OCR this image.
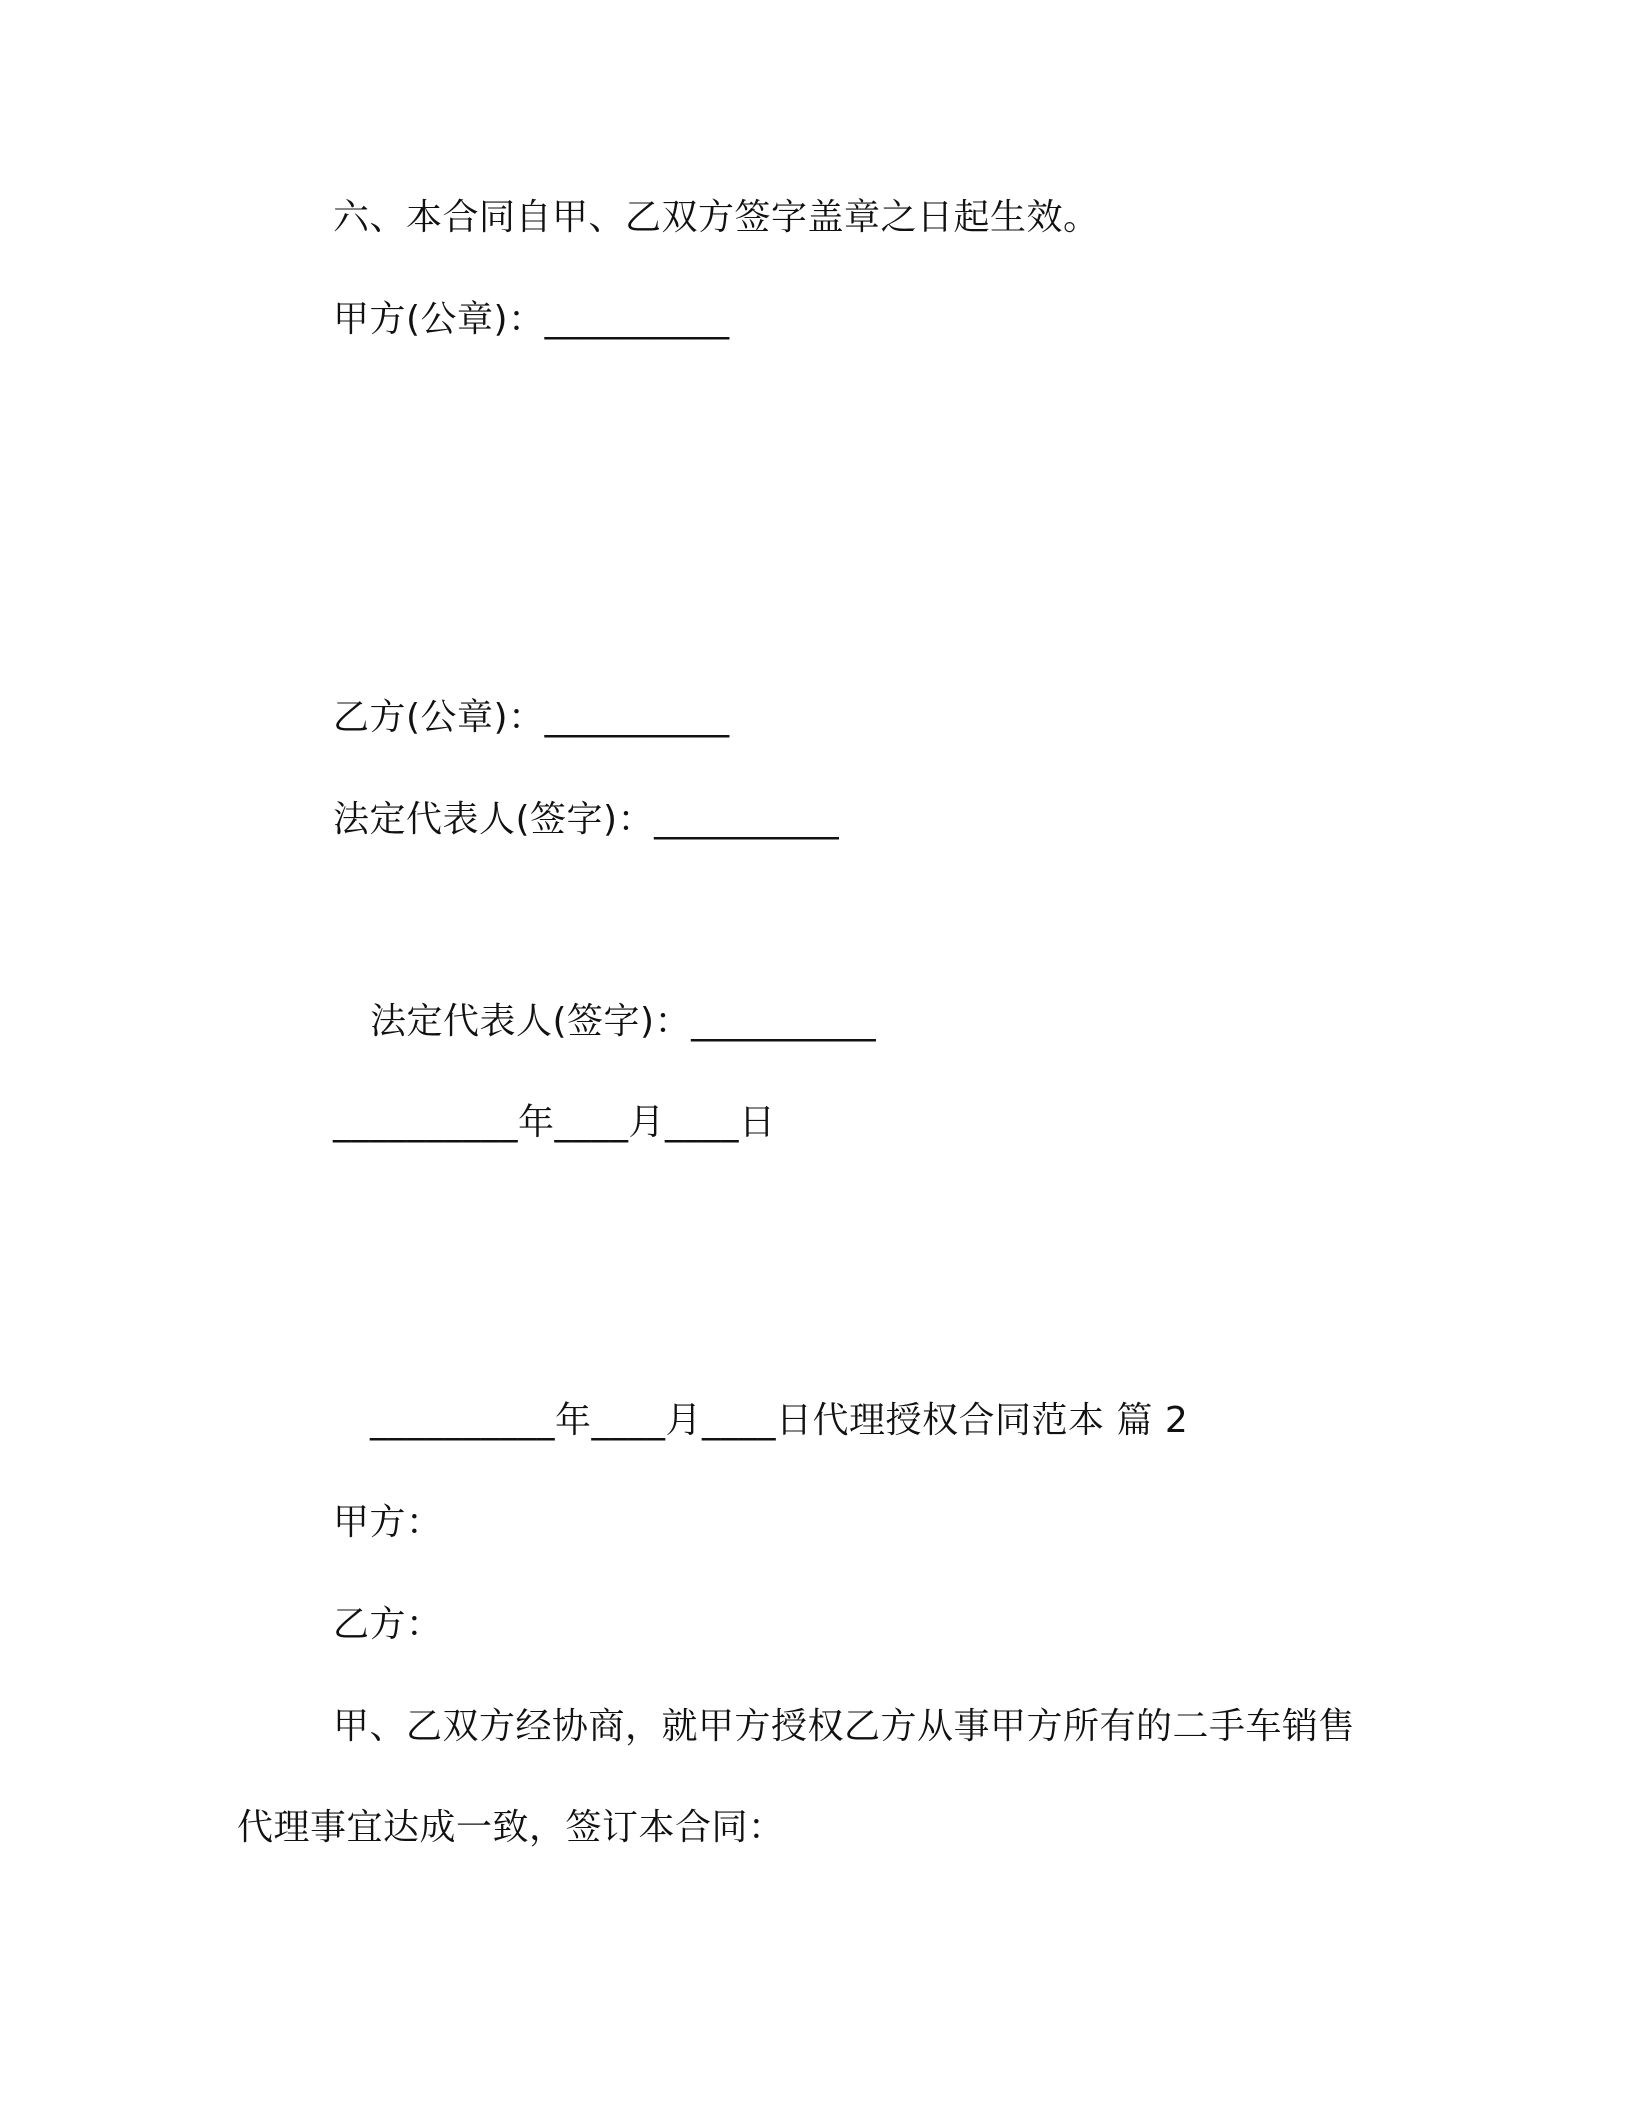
六、本合同自甲、乙双方签字盖章之日起生效。
甲方(公章)：__________
乙方(公章)：__________
法定代表人(签字)：__________
法定代表人(签字)：__________
__________年____月____日
__________年____月____日代理授权合同范本 篇 2
甲方：
乙方：
甲、乙双方经协商，就甲方授权乙方从事甲方所有的二手车销售
代理事宜达成一致，签订本合同：
